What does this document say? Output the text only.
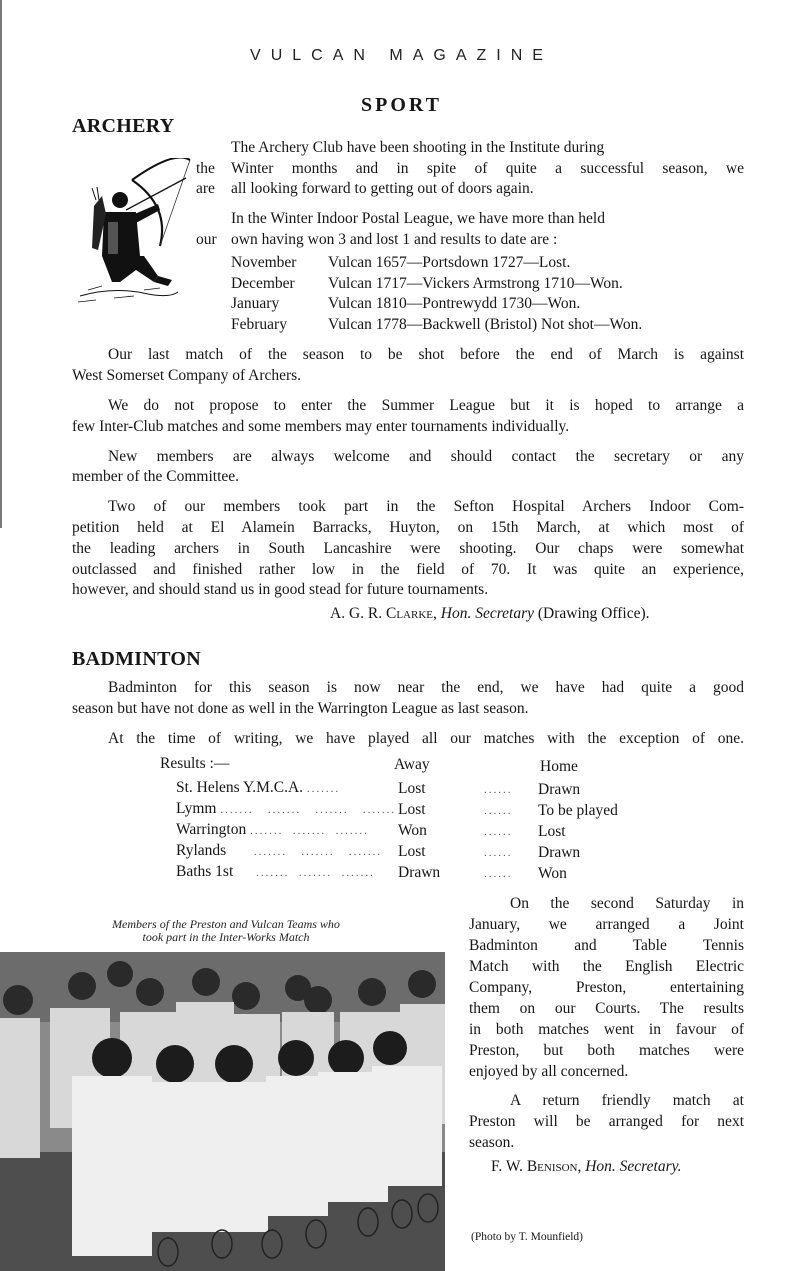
VULCAN MAGAZINE
SPORT
ARCHERY
The Archery Club have been shooting in the Institute during
the Winter months and in spite of quite a successful season, we
are all looking forward to getting out of doors again.
In the Winter Indoor Postal League, we have more than held
our own having won 3 and lost 1 and results to date are :
November Vulcan 1657—Portsdown 1727—Lost.
December Vulcan 1717—Vickers Armstrong 1710—Won.
January	Vulcan 1810—Pontrewydd 1730—Won.
February	Vulcan 1778—Backwell (Bristol) Not shot—Won.
Our last match of the season to be shot before the end of March is against
West Somerset Company of Archers.
We do not propose to enter the Summer League but it is hoped to arrange a
few Inter-Club matches and some members may enter tournaments individually.
New members are always welcome and should contact the secretary or any
member of the Committee.
Two of our members took part in the Sefton Hospital Archers Indoor Com-
petition held at El Alamein Barracks, Huyton, on 15th March, at which most of
the leading archers in South Lancashire were shooting. Our chaps were somewhat
outclassed and finished rather low in the field of 70. It was quite an experience,
however, and should stand us in good stead for future tournaments.
A. G. R. Clarke, Hon. Secretary (Drawing Office).
BADMINTON
Badminton for this season is now near the end, we have had quite a good
season but have not done as well in the Warrington League as last season.
At the time of writing, we have played all our matches with the exception of one.
Results :—	Away	Home
St. Helens Y.M.C.A. .......	Lost	...... Drawn
Lymm .......   .......   .......   ....... Lost	...... To be played
Warrington .......  .......  ....... Won	...... Lost
Rylands      .......   .......   ....... Lost	...... Drawn
Baths 1st     .......  .......  ....... Drawn	...... Won
Members of the Preston and Vulcan Teams who
took part in the Inter-Works Match
On the second Saturday in
January, we arranged a Joint
Badminton and Table Tennis
Match with the English Electric
Company, Preston, entertaining
them on our Courts. The results
in both matches went in favour of
Preston, but both matches were
enjoyed by all concerned.
A return friendly match at
Preston will be arranged for next
season.
F. W. Benison, Hon. Secretary.
(Photo by T. Mounfield)
